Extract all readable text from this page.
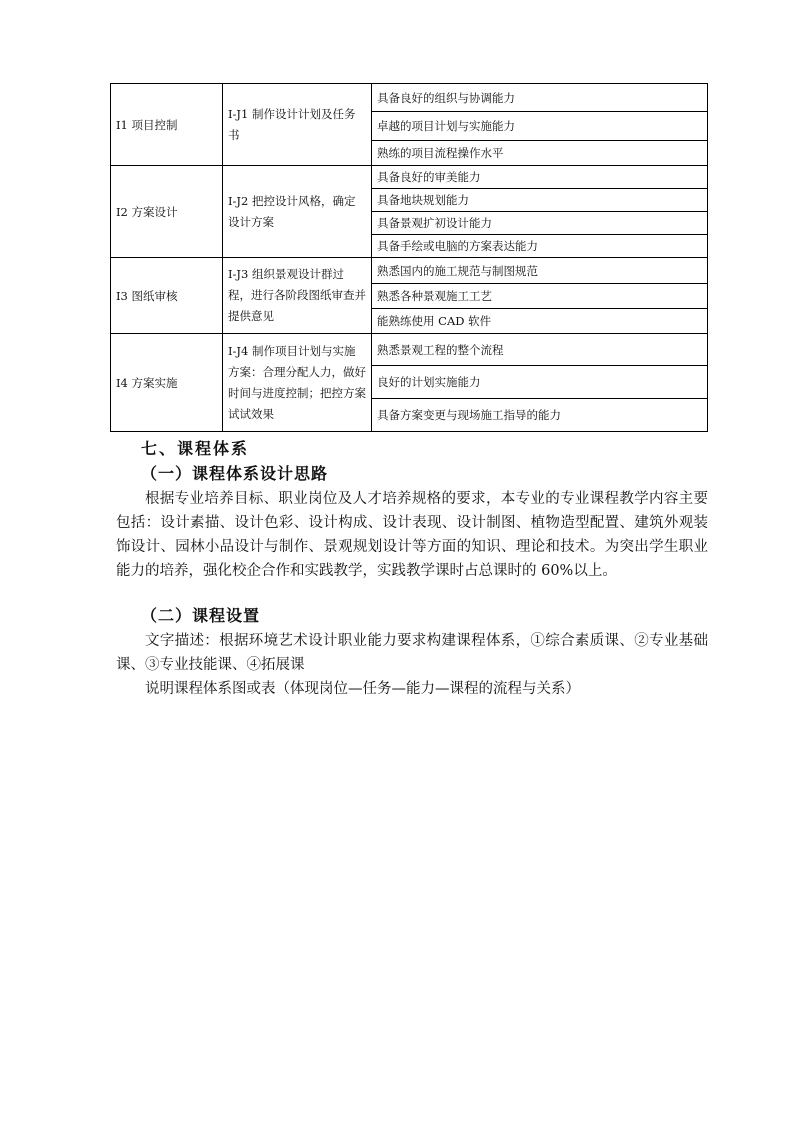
I1 项目控制	I-J1 制作设计计划及任务书	具备良好的组织与协调能力
		卓越的项目计划与实施能力
		熟练的项目流程操作水平
I2 方案设计	I-J2 把控设计风格，确定设计方案	具备良好的审美能力
		具备地块规划能力
		具备景观扩初设计能力
		具备手绘或电脑的方案表达能力
I3 图纸审核	I-J3 组织景观设计群过程，进行各阶段图纸审查并提供意见	熟悉国内的施工规范与制图规范
		熟悉各种景观施工工艺
		能熟练使用 CAD 软件
I4 方案实施	I-J4 制作项目计划与实施方案：合理分配人力，做好时间与进度控制；把控方案试试效果	熟悉景观工程的整个流程
		良好的计划实施能力
		具备方案变更与现场施工指导的能力
七、课程体系
（一）课程体系设计思路

根据专业培养目标、职业岗位及人才培养规格的要求，本专业的专业课程教学内容主要包括：设计素描、设计色彩、设计构成、设计表现、设计制图、植物造型配置、建筑外观装饰设计、园林小品设计与制作、景观规划设计等方面的知识、理论和技术。为突出学生职业能力的培养，强化校企合作和实践教学，实践教学课时占总课时的 60%以上。

（二）课程设置

文字描述：根据环境艺术设计职业能力要求构建课程体系，①综合素质课、②专业基础课、③专业技能课、④拓展课

说明课程体系图或表（体现岗位—任务—能力—课程的流程与关系）
